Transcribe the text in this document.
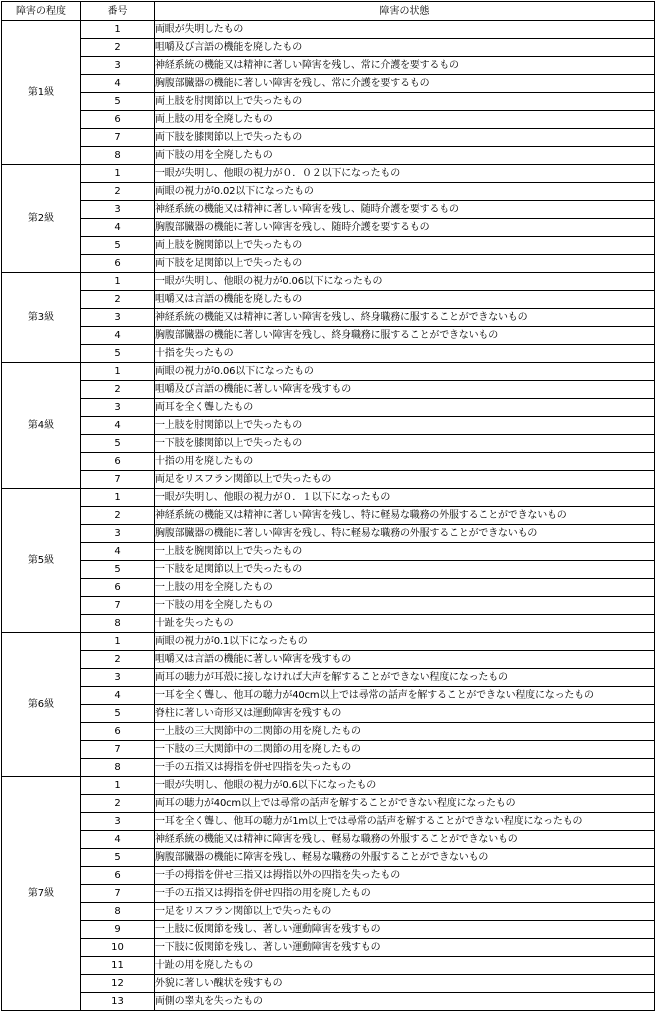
障害の程度	番号	障害の状態
第1級	1	両眼が失明したもの
	2	咀嚼及び言語の機能を廃したもの
	3	神経系統の機能又は精神に著しい障害を残し、常に介護を要するもの
	4	胸腹部臓器の機能に著しい障害を残し、常に介護を要するもの
	5	両上肢を肘関節以上で失ったもの
	6	両上肢の用を全廃したもの
	7	両下肢を膝関節以上で失ったもの
	8	両下肢の用を全廃したもの
第2級	1	一眼が失明し、他眼の視力が０．０２以下になったもの
	2	両眼の視力が0.02以下になったもの
	3	神経系統の機能又は精神に著しい障害を残し、随時介護を要するもの
	4	胸腹部臓器の機能に著しい障害を残し、随時介護を要するもの
	5	両上肢を腕関節以上で失ったもの
	6	両下肢を足関節以上で失ったもの
第3級	1	一眼が失明し、他眼の視力が0.06以下になったもの
	2	咀嚼又は言語の機能を廃したもの
	3	神経系統の機能又は精神に著しい障害を残し、終身職務に服することができないもの
	4	胸腹部臓器の機能に著しい障害を残し、終身職務に服することができないもの
	5	十指を失ったもの
第4級	1	両眼の視力が0.06以下になったもの
	2	咀嚼及び言語の機能に著しい障害を残すもの
	3	両耳を全く聾したもの
	4	一上肢を肘関節以上で失ったもの
	5	一下肢を膝関節以上で失ったもの
	6	十指の用を廃したもの
	7	両足をリスフラン関節以上で失ったもの
第5級	1	一眼が失明し、他眼の視力が０．１以下になったもの
	2	神経系統の機能又は精神に著しい障害を残し、特に軽易な職務の外服することができないもの
	3	胸腹部臓器の機能に著しい障害を残し、特に軽易な職務の外服することができないもの
	4	一上肢を腕関節以上で失ったもの
	5	一下肢を足関節以上で失ったもの
	6	一上肢の用を全廃したもの
	7	一下肢の用を全廃したもの
	8	十趾を失ったもの
第6級	1	両眼の視力が0.1以下になったもの
	2	咀嚼又は言語の機能に著しい障害を残すもの
	3	両耳の聴力が耳殻に接しなければ大声を解することができない程度になったもの
	4	一耳を全く聾し、他耳の聴力が40cm以上では尋常の話声を解することができない程度になったもの
	5	脊柱に著しい奇形又は運動障害を残すもの
	6	一上肢の三大関節中の二関節の用を廃したもの
	7	一下肢の三大関節中の二関節の用を廃したもの
	8	一手の五指又は拇指を併せ四指を失ったもの
第7級	1	一眼が失明し、他眼の視力が0.6以下になったもの
	2	両耳の聴力が40cm以上では尋常の話声を解することができない程度になったもの
	3	一耳を全く聾し、他耳の聴力が1m以上では尋常の話声を解することができない程度になったもの
	4	神経系統の機能又は精神に障害を残し、軽易な職務の外服することができないもの
	5	胸腹部臓器の機能に障害を残し、軽易な職務の外服することができないもの
	6	一手の拇指を併せ三指又は拇指以外の四指を失ったもの
	7	一手の五指又は拇指を併せ四指の用を廃したもの
	8	一足をリスフラン関節以上で失ったもの
	9	一上肢に仮関節を残し、著しい運動障害を残すもの
	10	一下肢に仮関節を残し、著しい運動障害を残すもの
	11	十趾の用を廃したもの
	12	外貌に著しい醜状を残すもの
	13	両側の睾丸を失ったもの
